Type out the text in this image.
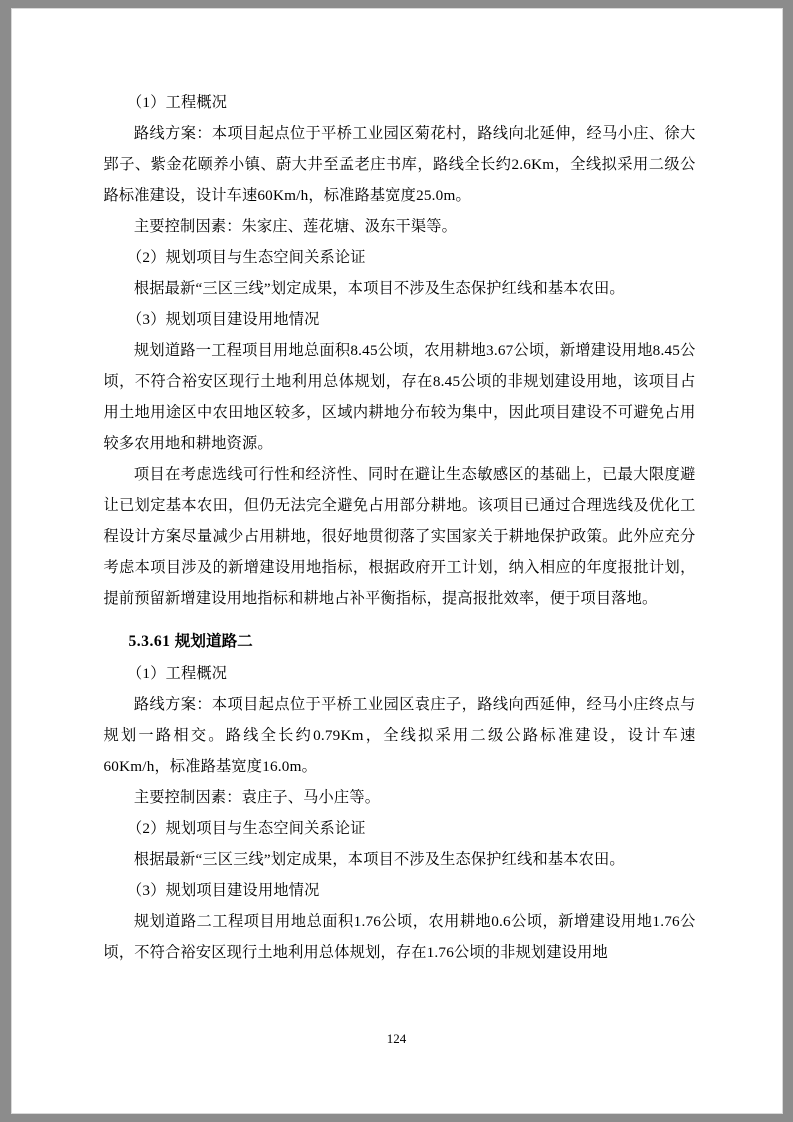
（1）工程概况

路线方案：本项目起点位于平桥工业园区菊花村，路线向北延伸，经马小庄、徐大郢子、紫金花颐养小镇、蔚大井至孟老庄书库，路线全长约2.6Km，全线拟采用二级公路标准建设，设计车速60Km/h，标准路基宽度25.0m。

主要控制因素：朱家庄、莲花塘、汲东干渠等。

（2）规划项目与生态空间关系论证

根据最新“三区三线”划定成果，本项目不涉及生态保护红线和基本农田。

（3）规划项目建设用地情况

规划道路一工程项目用地总面积8.45公顷，农用耕地3.67公顷，新增建设用地8.45公顷，不符合裕安区现行土地利用总体规划，存在8.45公顷的非规划建设用地，该项目占用土地用途区中农田地区较多，区域内耕地分布较为集中，因此项目建设不可避免占用较多农用地和耕地资源。

项目在考虑选线可行性和经济性、同时在避让生态敏感区的基础上，已最大限度避让已划定基本农田，但仍无法完全避免占用部分耕地。该项目已通过合理选线及优化工程设计方案尽量减少占用耕地，很好地贯彻落了实国家关于耕地保护政策。此外应充分考虑本项目涉及的新增建设用地指标，根据政府开工计划，纳入相应的年度报批计划，提前预留新增建设用地指标和耕地占补平衡指标，提高报批效率，便于项目落地。

5.3.61 规划道路二

（1）工程概况

路线方案：本项目起点位于平桥工业园区袁庄子，路线向西延伸，经马小庄终点与规划一路相交。路线全长约0.79Km，全线拟采用二级公路标准建设，设计车速60Km/h，标准路基宽度16.0m。

主要控制因素：袁庄子、马小庄等。

（2）规划项目与生态空间关系论证

根据最新“三区三线”划定成果，本项目不涉及生态保护红线和基本农田。

（3）规划项目建设用地情况

规划道路二工程项目用地总面积1.76公顷，农用耕地0.6公顷，新增建设用地1.76公顷，不符合裕安区现行土地利用总体规划，存在1.76公顷的非规划建设用地

124
